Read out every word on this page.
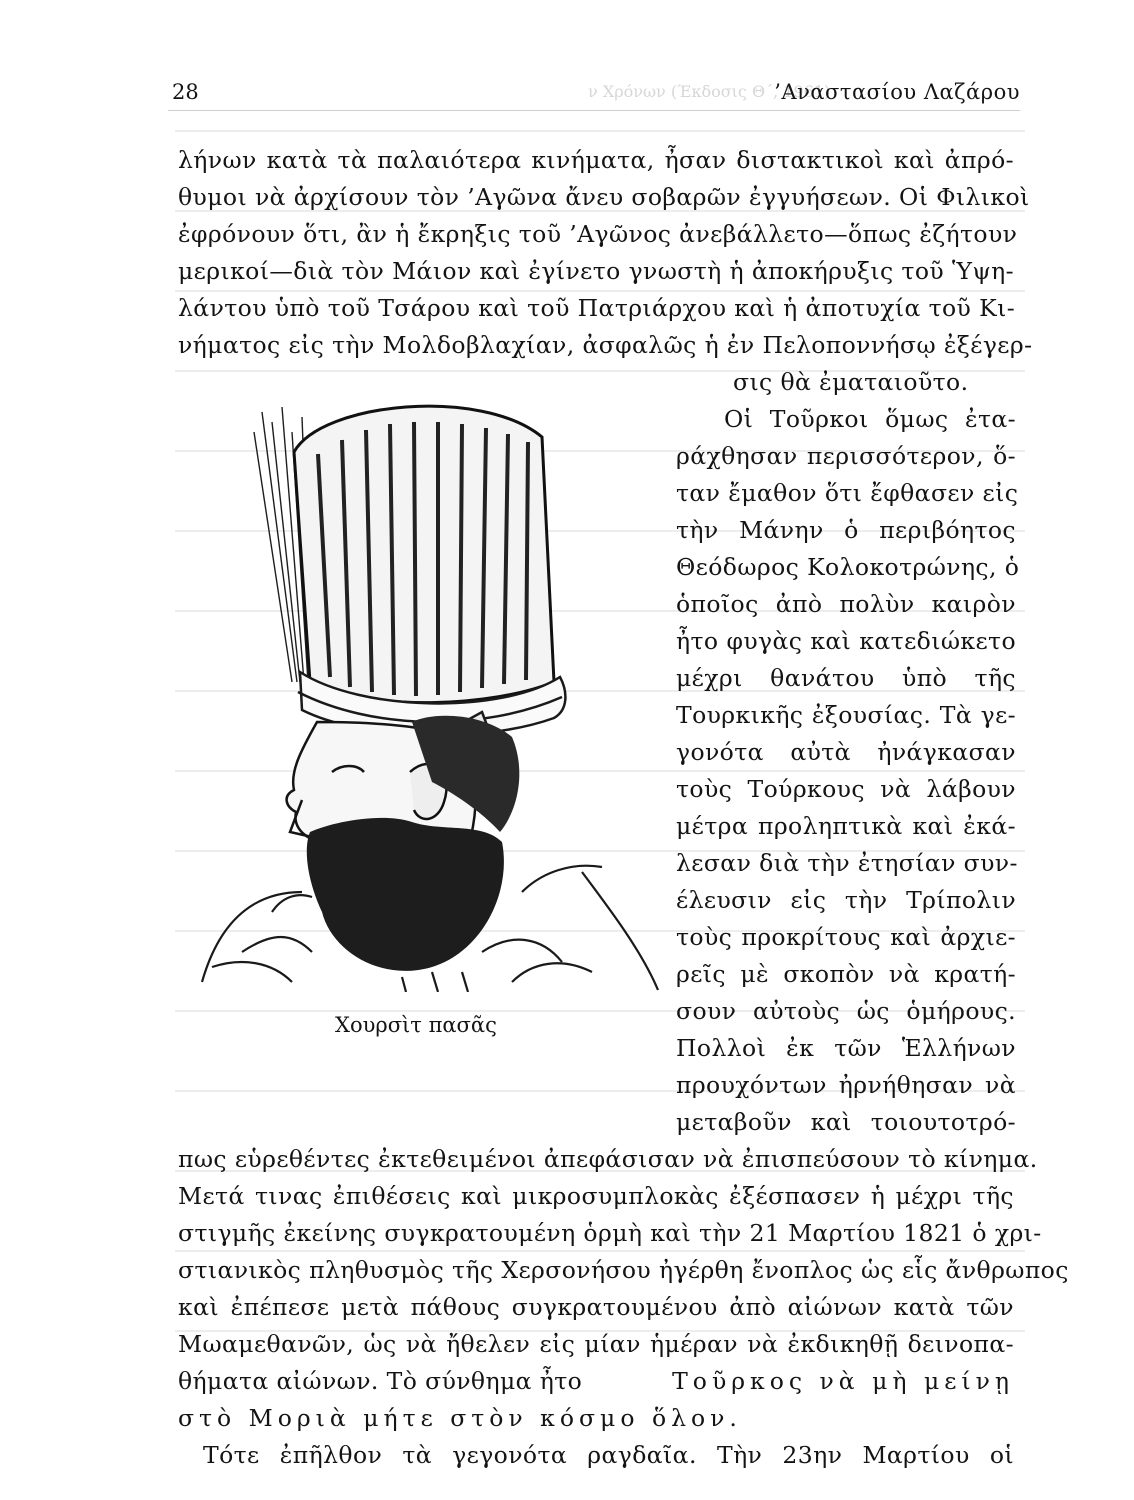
28	ν Χρόνων (Έκδοσις Θ΄, 1961)
’Αναστασίου Λαζάρου
λήνων κατὰ τὰ παλαιότερα κινήματα, ἦσαν διστακτικοὶ καὶ ἀπρό-
θυμοι νὰ ἀρχίσουν τὸν ’Αγῶνα ἄνευ σοβαρῶν ἐγγυήσεων. Οἱ Φιλικοὶ
ἐφρόνουν ὅτι, ἂν ἡ ἔκρηξις τοῦ ’Αγῶνος ἀνεβάλλετο—ὅπως ἐζήτουν
μερικοί—διὰ τὸν Μάιον καὶ ἐγίνετο γνωστὴ ἡ ἀποκήρυξις τοῦ Ὑψη-
λάντου ὑπὸ τοῦ Τσάρου καὶ τοῦ Πατριάρχου καὶ ἡ ἀποτυχία τοῦ Κι-
νήματος εἰς τὴν Μολδοβλαχίαν, ἀσφαλῶς ἡ ἐν Πελοποννήσῳ ἐξέγερ-
Χουρσὶτ πασᾶς
σις θὰ ἐματαιοῦτο.
Οἱ Τοῦρκοι ὅμως ἐτα-
ράχθησαν περισσότερον, ὅ-
ταν ἔμαθον ὅτι ἔφθασεν εἰς
τὴν Μάνην ὁ περιβόητος
Θεόδωρος Κολοκοτρώνης, ὁ
ὁποῖος ἀπὸ πολὺν καιρὸν
ἦτο φυγὰς καὶ κατεδιώκετο
μέχρι θανάτου ὑπὸ τῆς
Τουρκικῆς ἐξουσίας. Τὰ γε-
γονότα αὐτὰ ἠνάγκασαν
τοὺς Τούρκους νὰ λάβουν
μέτρα προληπτικὰ καὶ ἐκά-
λεσαν διὰ τὴν ἐτησίαν συν-
έλευσιν εἰς τὴν Τρίπολιν
τοὺς προκρίτους καὶ ἀρχιε-
ρεῖς μὲ σκοπὸν νὰ κρατή-
σουν αὐτοὺς ὡς ὁμήρους.
Πολλοὶ ἐκ τῶν Ἑλλήνων
προυχόντων ἠρνήθησαν νὰ
μεταβοῦν καὶ τοιουτοτρό-
πως εὑρεθέντες ἐκτεθειμένοι ἀπεφάσισαν νὰ ἐπισπεύσουν τὸ κίνημα.
Μετά τινας ἐπιθέσεις καὶ μικροσυμπλοκὰς ἐξέσπασεν ἡ μέχρι τῆς
στιγμῆς ἐκείνης συγκρατουμένη ὁρμὴ καὶ τὴν 21 Μαρτίου 1821 ὁ χρι-
στιανικὸς πληθυσμὸς τῆς Χερσονήσου ἠγέρθη ἔνοπλος ὡς εἷς ἄνθρωπος
καὶ ἐπέπεσε μετὰ πάθους συγκρατουμένου ἀπὸ αἰώνων κατὰ τῶν
Μωαμεθανῶν, ὡς νὰ ἤθελεν εἰς μίαν ἡμέραν νὰ ἐκδικηθῇ δεινοπα-
θήματα αἰώνων. Τὸ σύνθημα ἦτο	Τοῦρκος νὰ μὴ μείνῃ
στὸ Μοριὰ μήτε στὸν κόσμο ὅλον.
Τότε ἐπῆλθον τὰ γεγονότα ραγδαῖα. Τὴν 23ην Μαρτίου οἱ
